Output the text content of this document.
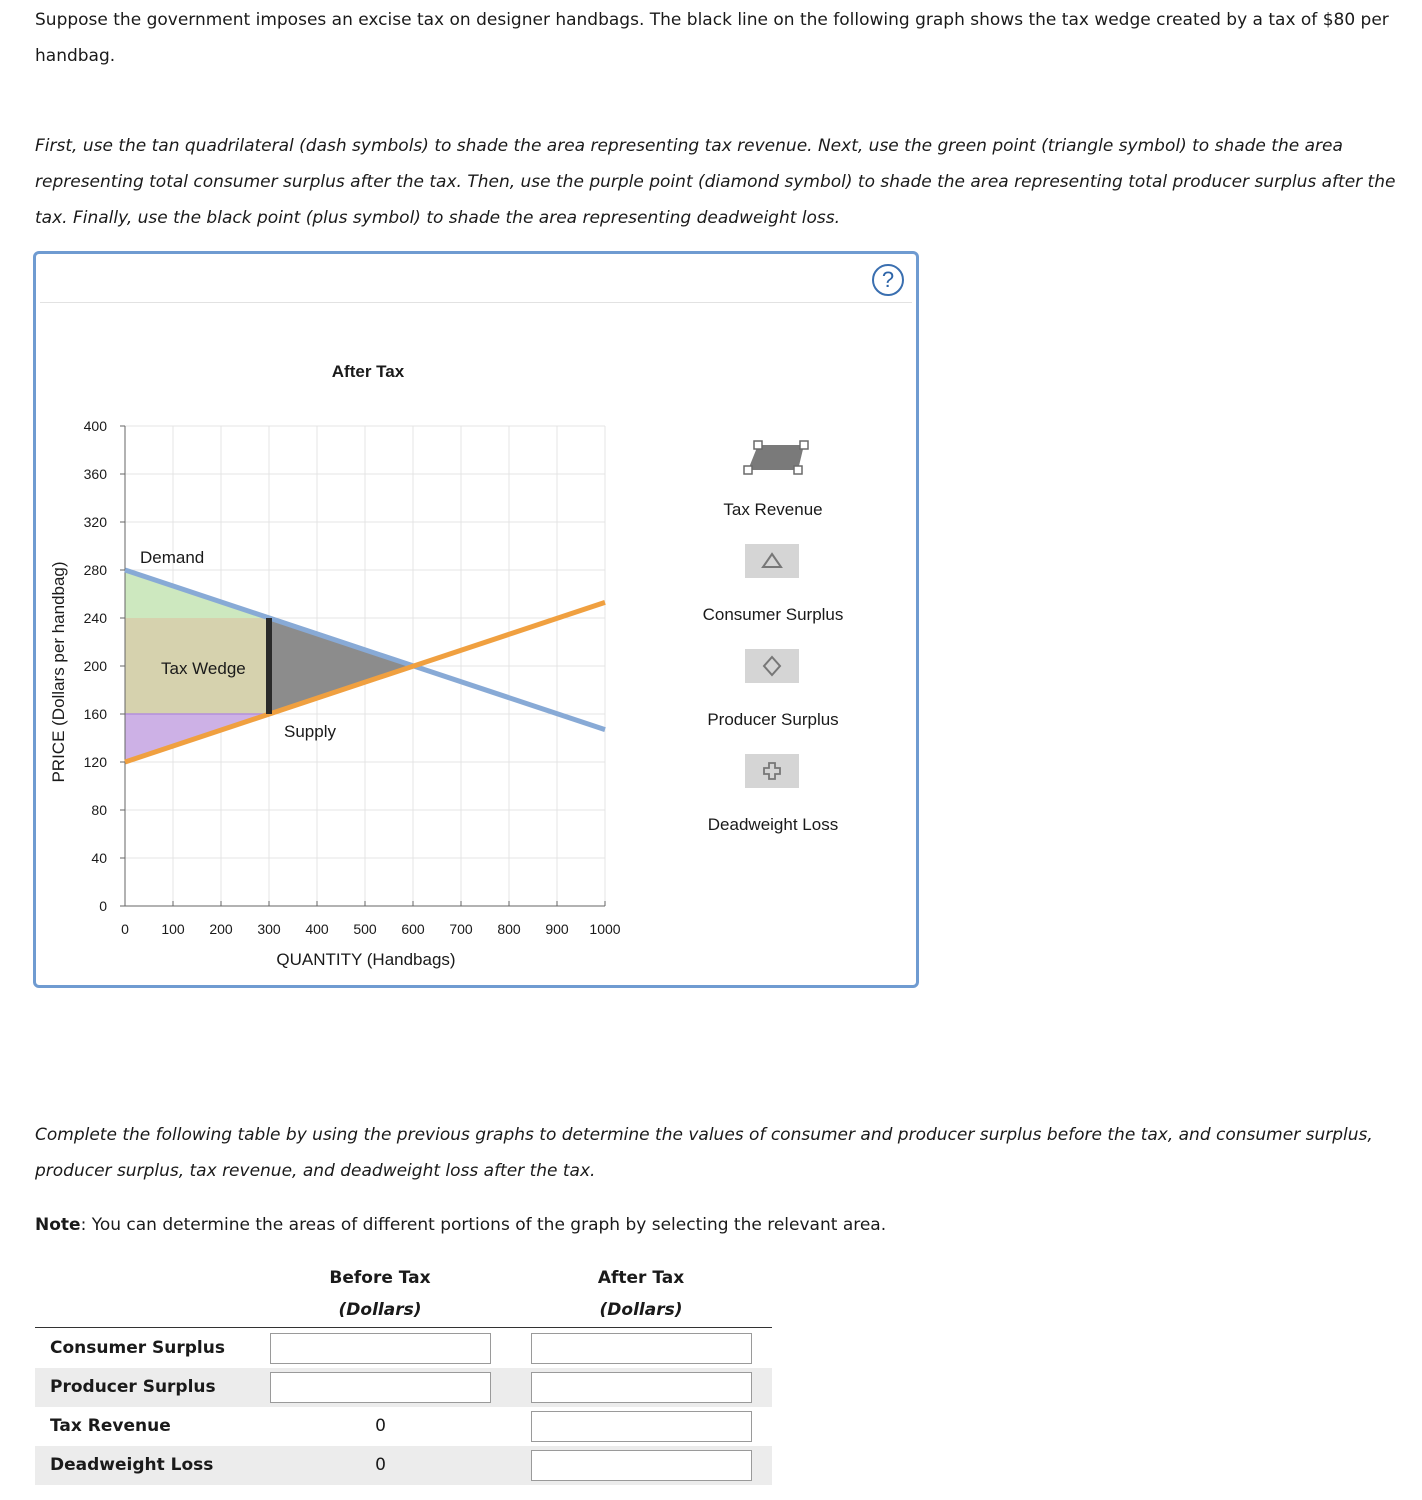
Suppose the government imposes an excise tax on designer handbags. The black line on the following graph shows the tax wedge created by a tax of $80 per handbag.

First, use the tan quadrilateral (dash symbols) to shade the area representing tax revenue. Next, use the green point (triangle symbol) to shade the area representing total consumer surplus after the tax. Then, use the purple point (diamond symbol) to shade the area representing total producer surplus after the tax. Finally, use the black point (plus symbol) to shade the area representing deadweight loss.

?
0
40
80
120
160
200
240
280
320
360
400
0 100 200 300 400 500 600 700 800 900 1000
After Tax
QUANTITY (Handbags)
PRICE (Dollars per handbag)
Demand
Supply
Tax Wedge
Tax Revenue
Consumer Surplus
Producer Surplus
Deadweight Loss

Complete the following table by using the previous graphs to determine the values of consumer and producer surplus before the tax, and consumer surplus, producer surplus, tax revenue, and deadweight loss after the tax.

Note: You can determine the areas of different portions of the graph by selecting the relevant area.

Before Tax
(Dollars)
After Tax
(Dollars)
Consumer Surplus
Producer Surplus
Tax Revenue	0
Deadweight Loss	0
